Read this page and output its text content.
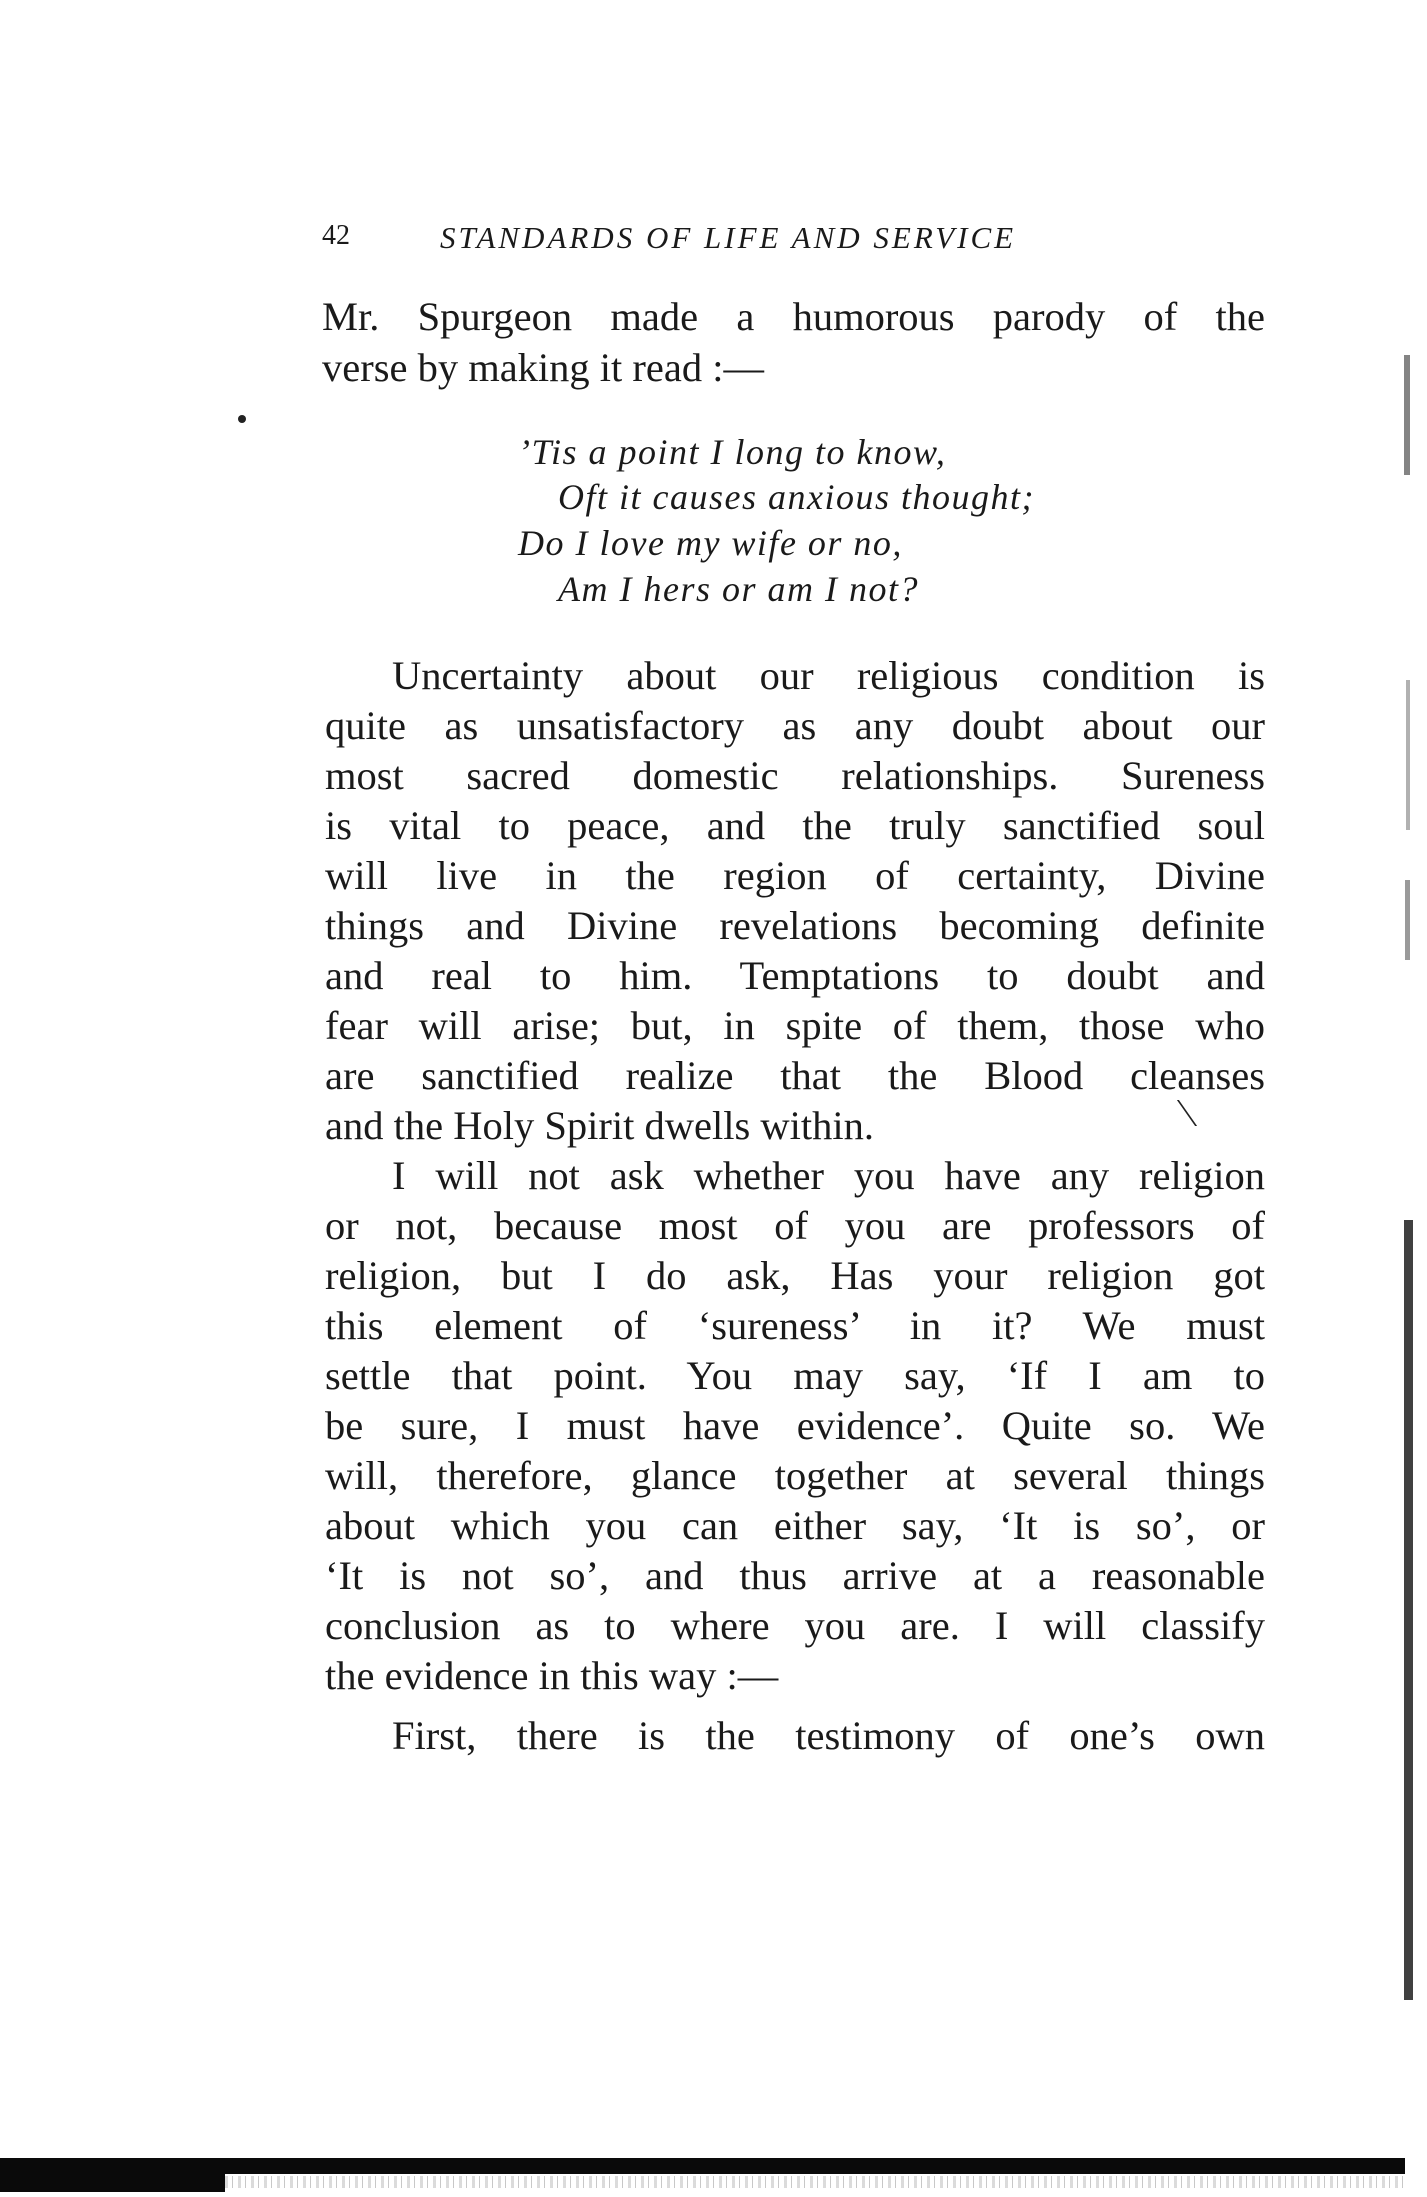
42	STANDARDS OF LIFE AND SERVICE
Mr. Spurgeon made a humorous parody of the
verse by making it read :—
’Tis a point I long to know,
Oft it causes anxious thought;
Do I love my wife or no,
Am I hers or am I not?
Uncertainty about our religious condition is
quite as unsatisfactory as any doubt about our
most sacred domestic relationships. Sureness
is vital to peace, and the truly sanctified soul
will live in the region of certainty, Divine
things and Divine revelations becoming definite
and real to him. Temptations to doubt and
fear will arise; but, in spite of them, those who
are sanctified realize that the Blood cleanses
and the Holy Spirit dwells within.
I will not ask whether you have any religion
or not, because most of you are professors of
religion, but I do ask, Has your religion got
this element of ‘sureness’ in it? We must
settle that point. You may say, ‘If I am to
be sure, I must have evidence’. Quite so. We
will, therefore, glance together at several things
about which you can either say, ‘It is so’, or
‘It is not so’, and thus arrive at a reasonable
conclusion as to where you are. I will classify
the evidence in this way :—
First, there is the testimony of one’s own
